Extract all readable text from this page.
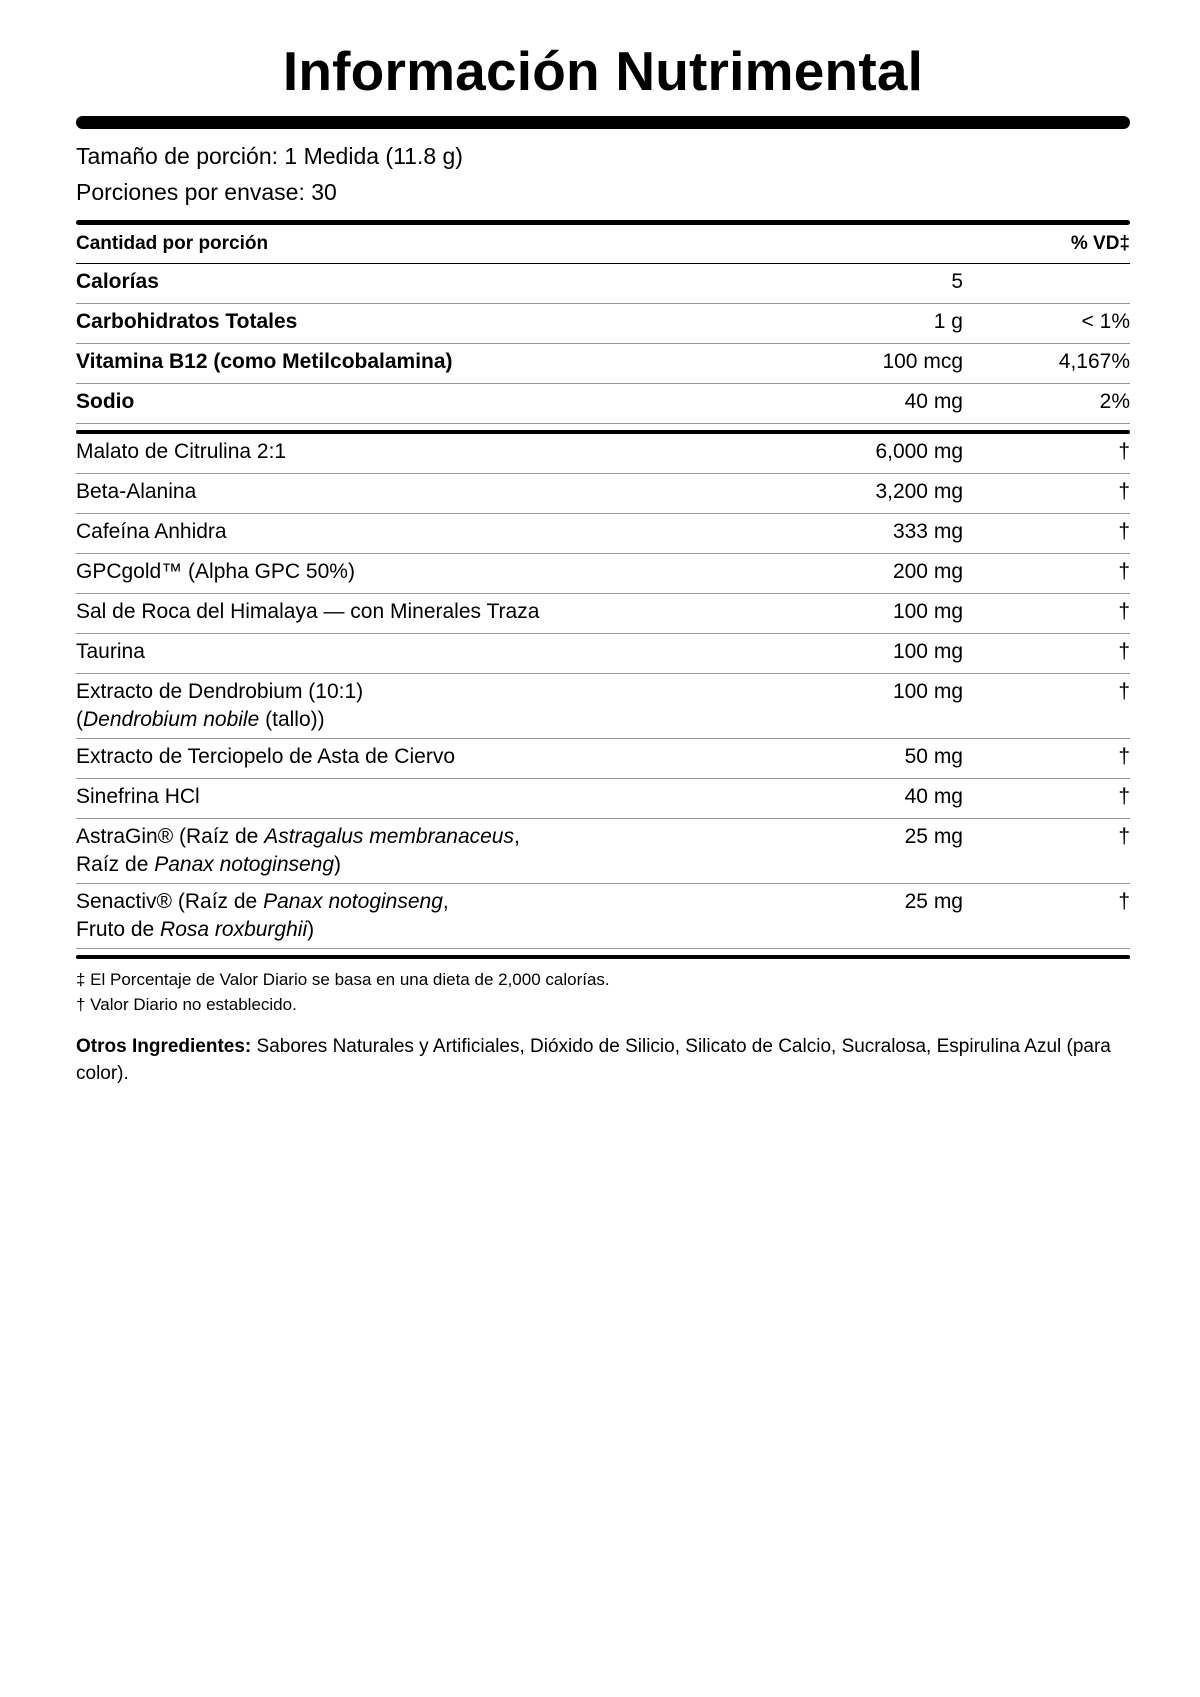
Información Nutrimental
Tamaño de porción: 1 Medida (11.8 g)
Porciones por envase: 30
Cantidad por porción	% VD‡
Calorías	5
Carbohidratos Totales	1 g	< 1%
Vitamina B12 (como Metilcobalamina)	100 mcg	4,167%
Sodio	40 mg	2%
Malato de Citrulina 2:1	6,000 mg	†
Beta-Alanina	3,200 mg	†
Cafeína Anhidra	333 mg	†
GPCgold™ (Alpha GPC 50%)	200 mg	†
Sal de Roca del Himalaya — con Minerales Traza	100 mg	†
Taurina	100 mg	†
Extracto de Dendrobium (10:1)
(Dendrobium nobile (tallo))
100 mg	†
Extracto de Terciopelo de Asta de Ciervo	50 mg	†
Sinefrina HCl	40 mg	†
AstraGin® (Raíz de Astragalus membranaceus,
Raíz de Panax notoginseng)
25 mg	†
Senactiv® (Raíz de Panax notoginseng,
Fruto de Rosa roxburghii)
25 mg	†
‡ El Porcentaje de Valor Diario se basa en una dieta de 2,000 calorías.
† Valor Diario no establecido.
Otros Ingredientes: Sabores Naturales y Artificiales, Dióxido de Silicio, Silicato de Calcio, Sucralosa, Espirulina Azul (para color).
